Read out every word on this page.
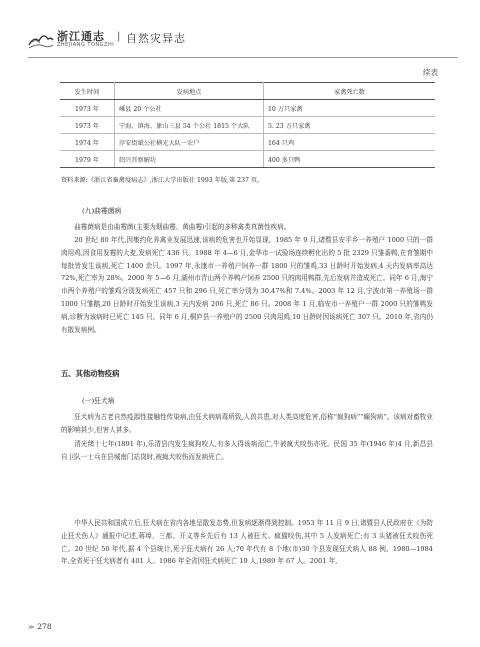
浙江通志
ZHEJIANG TONGZHI
| 自然灾异志
续表
发生时间	发病地点	家禽死亡数
1973 年	嵊县 20 个公社	10 万只家禽
1973 年	宁海、镇海、象山三县 54 个公社 1815 个大队	5. 23 万只家禽
1974 年	淳安街斌公社横光大队一农户	164 只鸡
1979 年	绍兴晋察解坊	400 多只鸭
资料来源:《浙江省畜禽疫病志》,浙江大学出版社 1993 年版,第 237 页。
(九)曲霉菌病

曲霉菌病是由曲霉菌(主要为烟曲霉、黄曲霉)引起的多种禽类真菌性疾病。

20 世纪 80 年代,因集约化养禽业发展迅速,该病的危害也开始显现。1985 年 9 月,诸暨县安平乡一养殖户 1000 只的一群肉用鸡,因食用发霉的大麦,发病死亡 436 只。1988 年 4—6 月,金华市一试验场连续孵化出的 5 批 2329 只雏番鸭,在育雏期中每批皆发生该病,死亡 1400 余只。1997 年,永康市一养殖户饲养一群 1800 只的雏鸡,33 日龄时开始发病,4 天内发病率高达 72%,死亡率为 28%。2000 年 5—6 月,湖州市青山两个养鸭户饲养 2500 只的肉用鸭群,先后发病并造成死亡。同年 6 月,海宁市两个养殖户的雏鸡分别发病死亡 457 只和 296 只,死亡率分别为 30.47%和 7.4%。2003 年 12 月,宁波市第一养殖场一群 1000 只雏鹅,20 日龄时开始发生该病,3 天内发病 206 只,死亡 86 只。2008 年 1 月,临安市一养殖户一群 2000 只的雏鸭发病,诊断为该病时已死亡 145 只。同年 6 月,桐庐县一养殖户的 2500 只肉用鸡,10 日龄时因该病死亡 307 只。2010 年,省内仍有散发病例。

五、其他动物疫病
(一)狂犬病

狂犬病为古老自然疫源性接触性传染病,由狂犬病病毒所致,人兽共患,对人类高度危害,俗称“疯狗病”“癫狗病”。该病对畜牧业的影响甚少,但害人甚多。

清光绪十七年(1891 年),乐清县内发生疯狗咬人,有多人得该病而亡,牛被疯犬咬伤亦死。民国 35 年(1946 年)4 月,新昌县自卫队一士兵在县城南门站岗时,被疯犬咬伤而发病死亡。

中华人民共和国成立后,狂犬病在省内各地呈散发态势,但发病逐渐得到控制。1953 年 11 月 9 日,诸暨县人民政府在《为防止狂犬伤人》通报中记述,蒋埠、三都、开义等乡先后有 13 人被狂犬、疯猫咬伤,其中 5 人发病死亡;有 3 头猪被狂犬咬伤死亡。20 世纪 50 年代,据 4 个县统计,死于狂犬病有 26 人;70 年代有 8 个地(市)30 个县发现狂犬病人 88 例。1980—1984 年,全省死于狂犬病者有 401 人。1986 年全省因狂犬病死亡 19 人,1989 年 67 人。2001 年,

≫ 278
